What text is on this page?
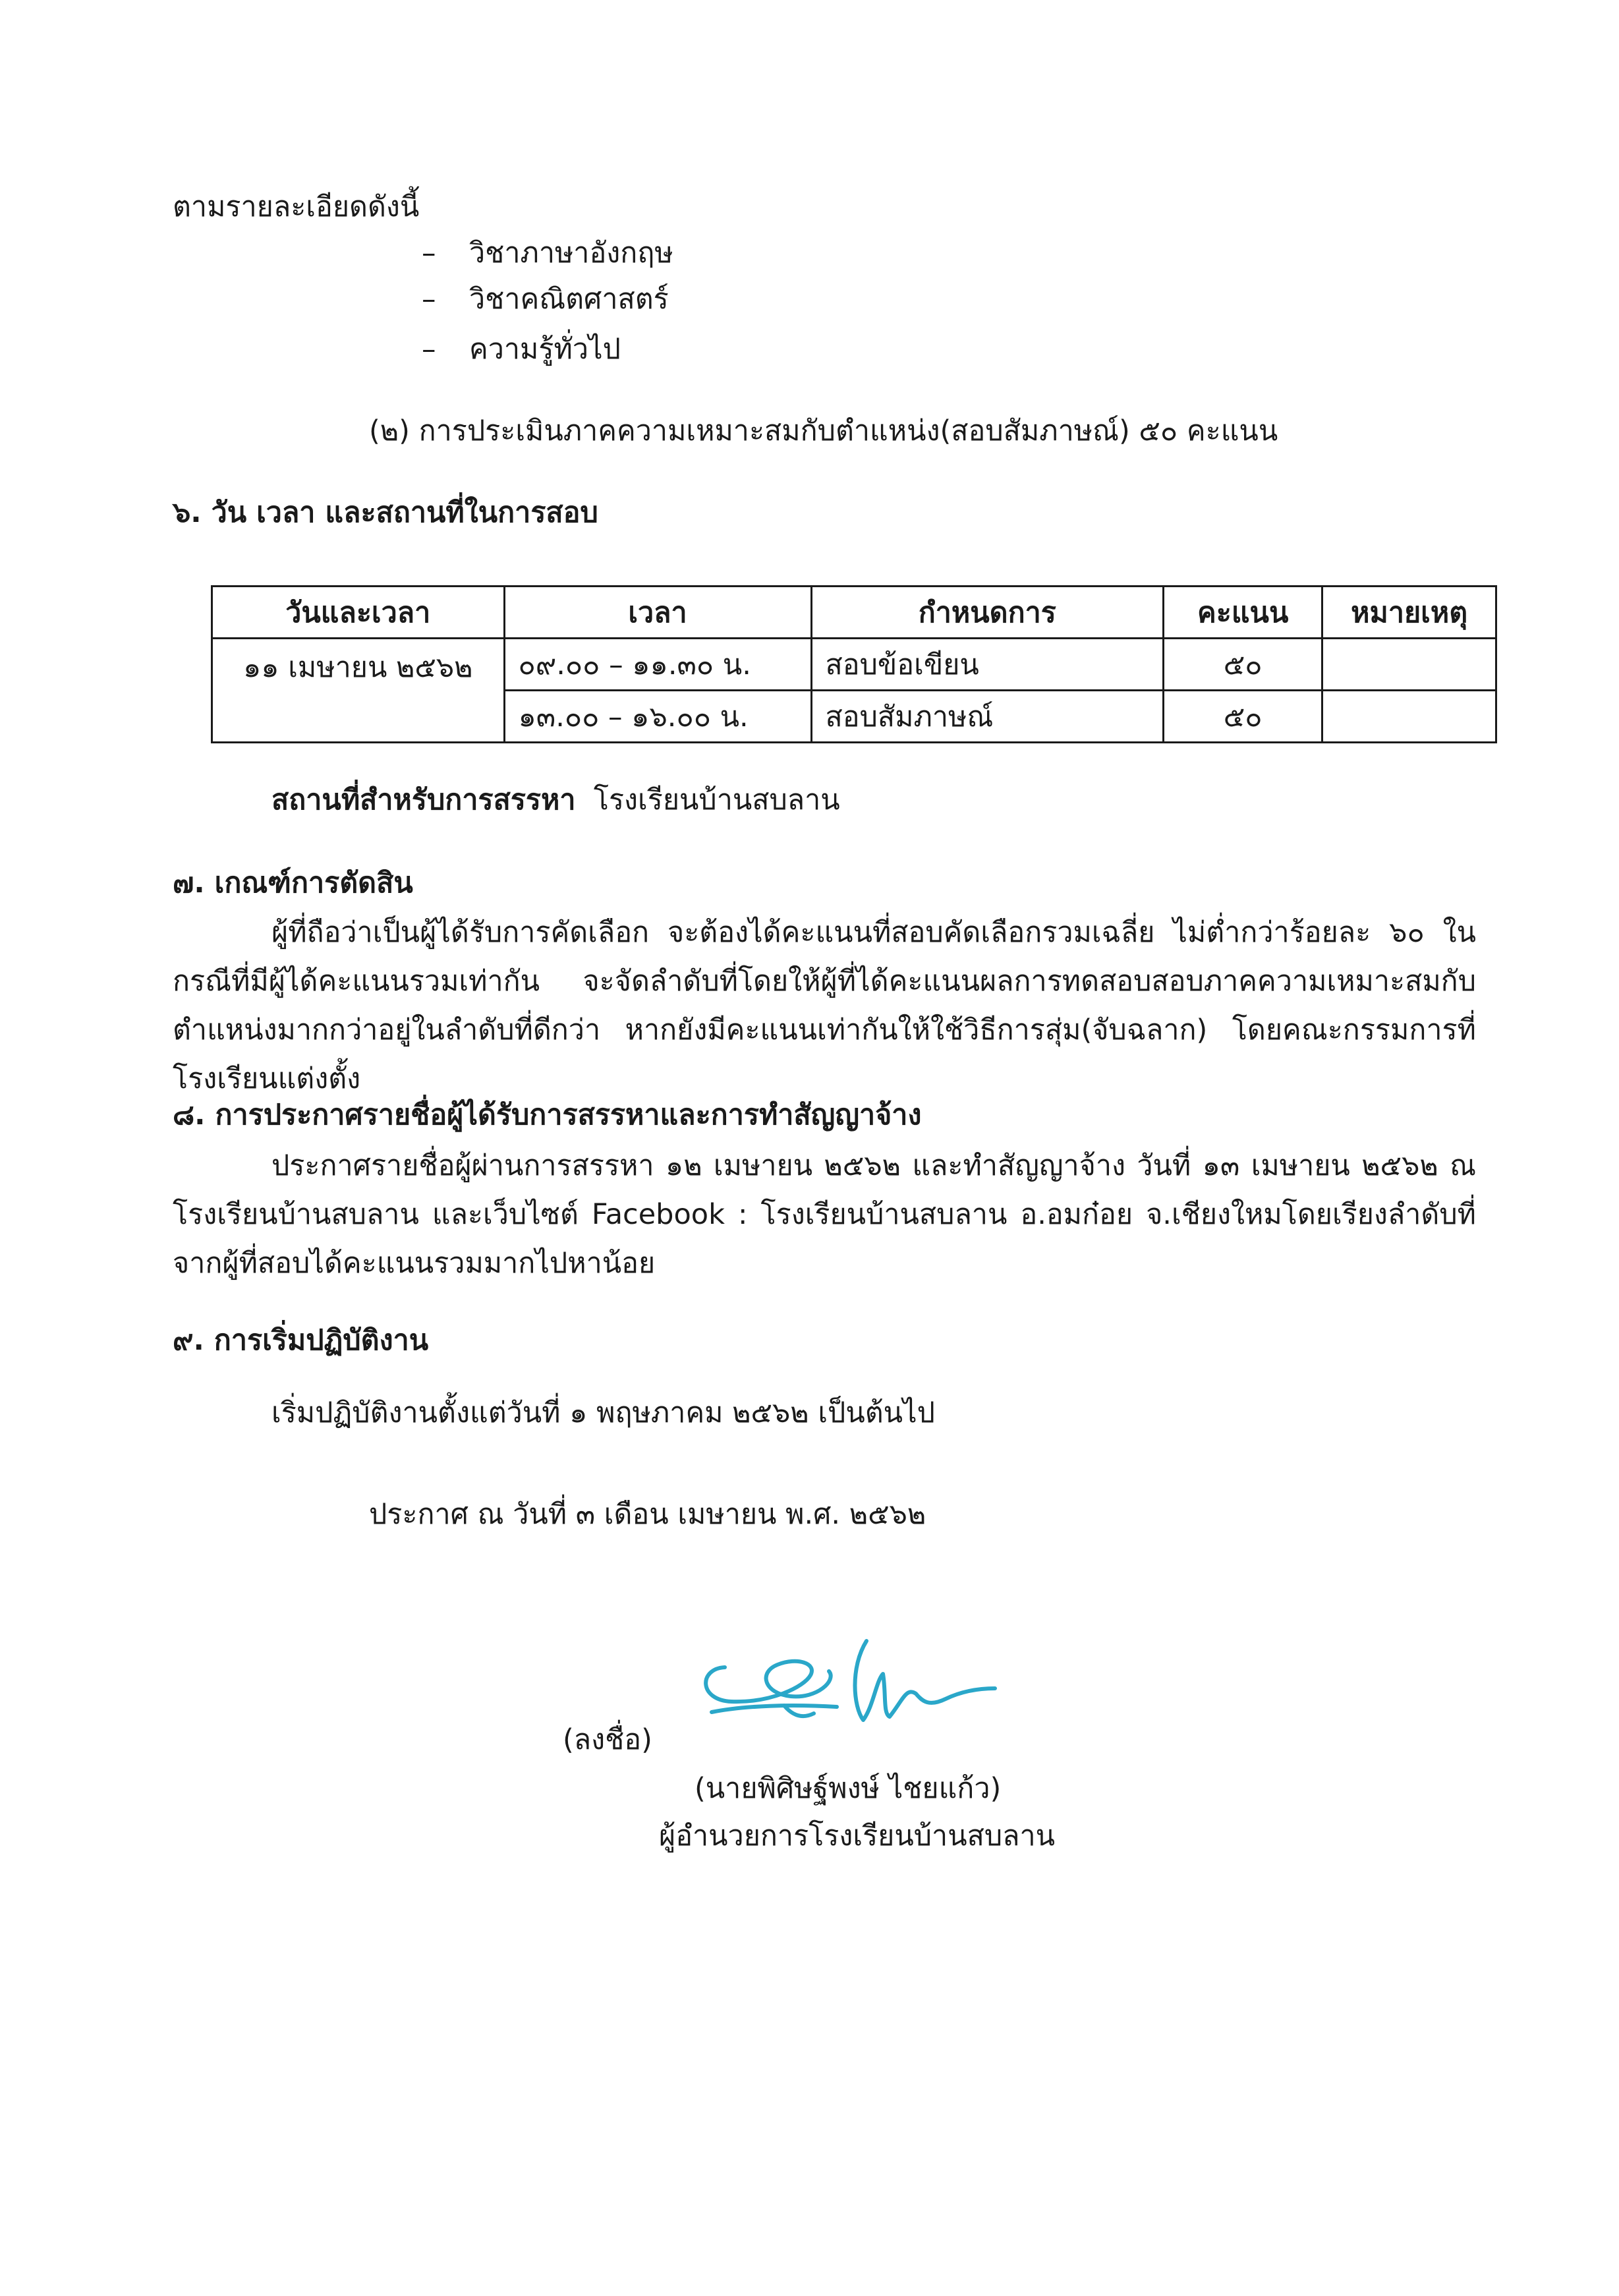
ตามรายละเอียดดังนี้
– วิชาภาษาอังกฤษ
– วิชาคณิตศาสตร์
– ความรู้ทั่วไป
(๒) การประเมินภาคความเหมาะสมกับตำแหน่ง(สอบสัมภาษณ์) ๕๐ คะแนน
๖. วัน เวลา และสถานที่ในการสอบ
วันและเวลา	เวลา	กำหนดการ	คะแนน	หมายเหตุ
๑๑ เมษายน ๒๕๖๒	๐๙.๐๐ – ๑๑.๓๐ น.	สอบข้อเขียน	๕๐	
	๑๓.๐๐ – ๑๖.๐๐ น.	สอบสัมภาษณ์	๕๐	
สถานที่สำหรับการสรรหา โรงเรียนบ้านสบลาน
๗. เกณฑ์การตัดสิน
ผู้ที่ถือว่าเป็นผู้ได้รับการคัดเลือก จะต้องได้คะแนนที่สอบคัดเลือกรวมเฉลี่ย ไม่ต่ำกว่าร้อยละ ๖๐ ในกรณีที่มีผู้ได้คะแนนรวมเท่ากัน จะจัดลำดับที่โดยให้ผู้ที่ได้คะแนนผลการทดสอบสอบภาคความเหมาะสมกับตำแหน่งมากกว่าอยู่ในลำดับที่ดีกว่า หากยังมีคะแนนเท่ากันให้ใช้วิธีการสุ่ม(จับฉลาก) โดยคณะกรรมการที่โรงเรียนแต่งตั้ง
๘. การประกาศรายชื่อผู้ได้รับการสรรหาและการทำสัญญาจ้าง
ประกาศรายชื่อผู้ผ่านการสรรหา ๑๒ เมษายน ๒๕๖๒ และทำสัญญาจ้าง วันที่ ๑๓ เมษายน ๒๕๖๒ ณ โรงเรียนบ้านสบลาน และเว็บไซต์ Facebook : โรงเรียนบ้านสบลาน อ.อมก๋อย จ.เชียงใหมโดยเรียงลำดับที่ จากผู้ที่สอบได้คะแนนรวมมากไปหาน้อย
๙. การเริ่มปฏิบัติงาน
เริ่มปฏิบัติงานตั้งแต่วันที่ ๑ พฤษภาคม ๒๕๖๒ เป็นต้นไป
ประกาศ ณ วันที่ ๓ เดือน เมษายน พ.ศ. ๒๕๖๒
(ลงชื่อ)
(นายพิศิษฐ์พงษ์ ไชยแก้ว)
ผู้อำนวยการโรงเรียนบ้านสบลาน
